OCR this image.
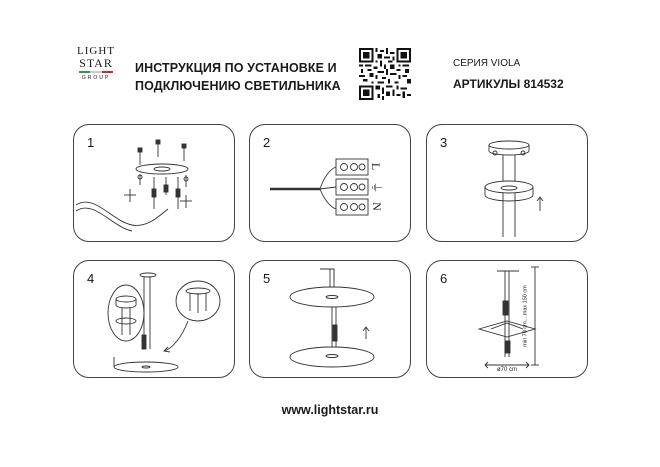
LIGHT
STAR
GROUP
ИНСТРУКЦИЯ ПО УСТАНОВКЕ И
ПОДКЛЮЧЕНИЮ СВЕТИЛЬНИКА
СЕРИЯ VIOLA
АРТИКУЛЫ 814532
1	2
L
⏚
N
3
4	5	6
min 70 cm....max 150 cm
ø70 cm
www.lightstar.ru
